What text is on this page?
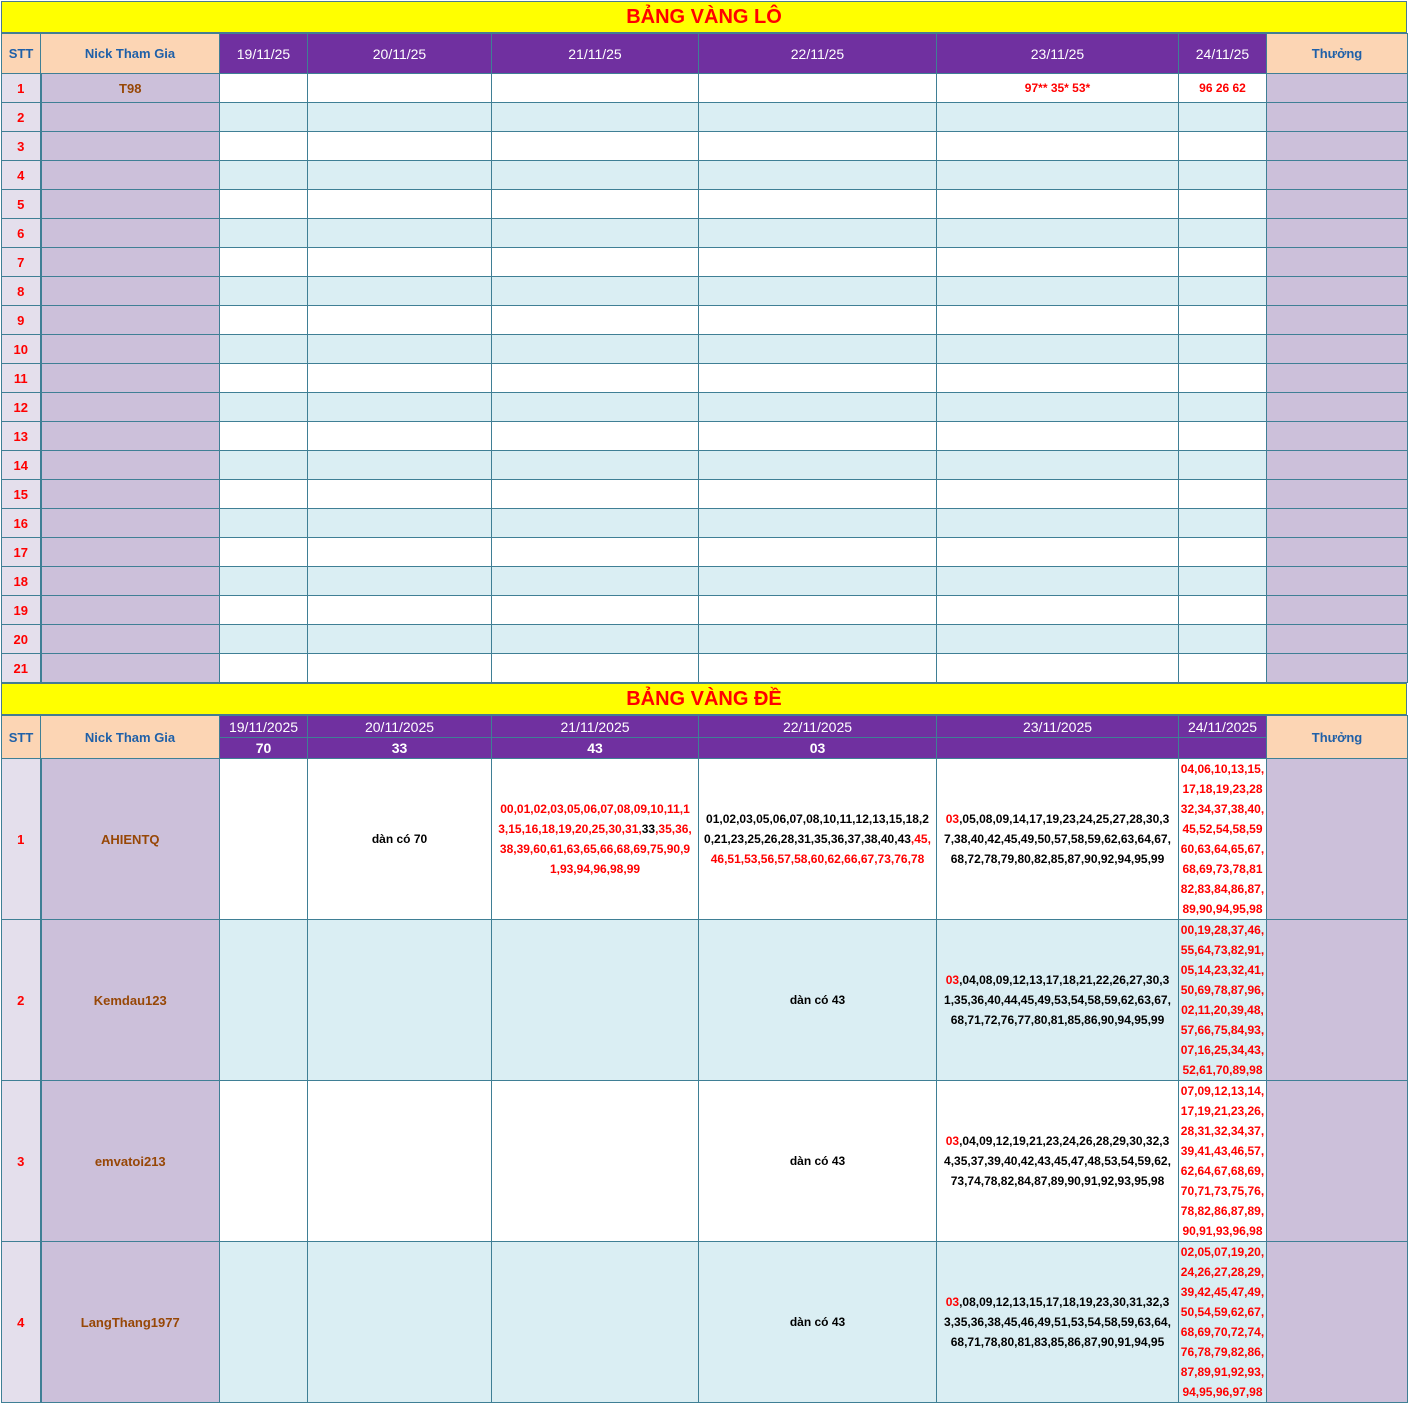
BẢNG VÀNG LÔ
STT	Nick Tham Gia	19/11/25	20/11/25	21/11/25	22/11/25	23/11/25	24/11/25	Thưởng
1	T98					97** 35* 53*	96 26 62	
2								
3								
4								
5								
6								
7								
8								
9								
10								
11								
12								
13								
14								
15								
16								
17								
18								
19								
20								
21								
BẢNG VÀNG ĐỀ
STT	Nick Tham Gia	19/11/2025	20/11/2025	21/11/2025	22/11/2025	23/11/2025	24/11/2025	Thưởng
		70	33	43	03			
1	AHIENTQ		dàn có 70	00,01,02,03,05,06,07,08,09,10,11,13,15,16,18,19,20,25,30,31,33,35,36,38,39,60,61,63,65,66,68,69,75,90,91,93,94,96,98,99	01,02,03,05,06,07,08,10,11,12,13,15,18,20,21,23,25,26,28,31,35,36,37,38,40,43,45,46,51,53,56,57,58,60,62,66,67,73,76,78	03,05,08,09,14,17,19,23,24,25,27,28,30,37,38,40,42,45,49,50,57,58,59,62,63,64,67,68,72,78,79,80,82,85,87,90,92,94,95,99	04,06,10,13,15,17,18,19,23,28 32,34,37,38,40,45,52,54,58,59 60,63,64,65,67,68,69,73,78,81 82,83,84,86,87,89,90,94,95,98	
2	Kemdau123				dàn có 43	03,04,08,09,12,13,17,18,21,22,26,27,30,31,35,36,40,44,45,49,53,54,58,59,62,63,67,68,71,72,76,77,80,81,85,86,90,94,95,99	00,19,28,37,46,55,64,73,82,91,05,14,23,32,41,50,69,78,87,96,02,11,20,39,48,57,66,75,84,93,07,16,25,34,43,52,61,70,89,98	
3	emvatoi213				dàn có 43	03,04,09,12,19,21,23,24,26,28,29,30,32,34,35,37,39,40,42,43,45,47,48,53,54,59,62,73,74,78,82,84,87,89,90,91,92,93,95,98	07,09,12,13,14,17,19,21,23,26,28,31,32,34,37,39,41,43,46,57,62,64,67,68,69,70,71,73,75,76,78,82,86,87,89,90,91,93,96,98	
4	LangThang1977				dàn có 43	03,08,09,12,13,15,17,18,19,23,30,31,32,33,35,36,38,45,46,49,51,53,54,58,59,63,64,68,71,78,80,81,83,85,86,87,90,91,94,95	02,05,07,19,20,24,26,27,28,29,39,42,45,47,49,50,54,59,62,67,68,69,70,72,74,76,78,79,82,86,87,89,91,92,93,94,95,96,97,98	
